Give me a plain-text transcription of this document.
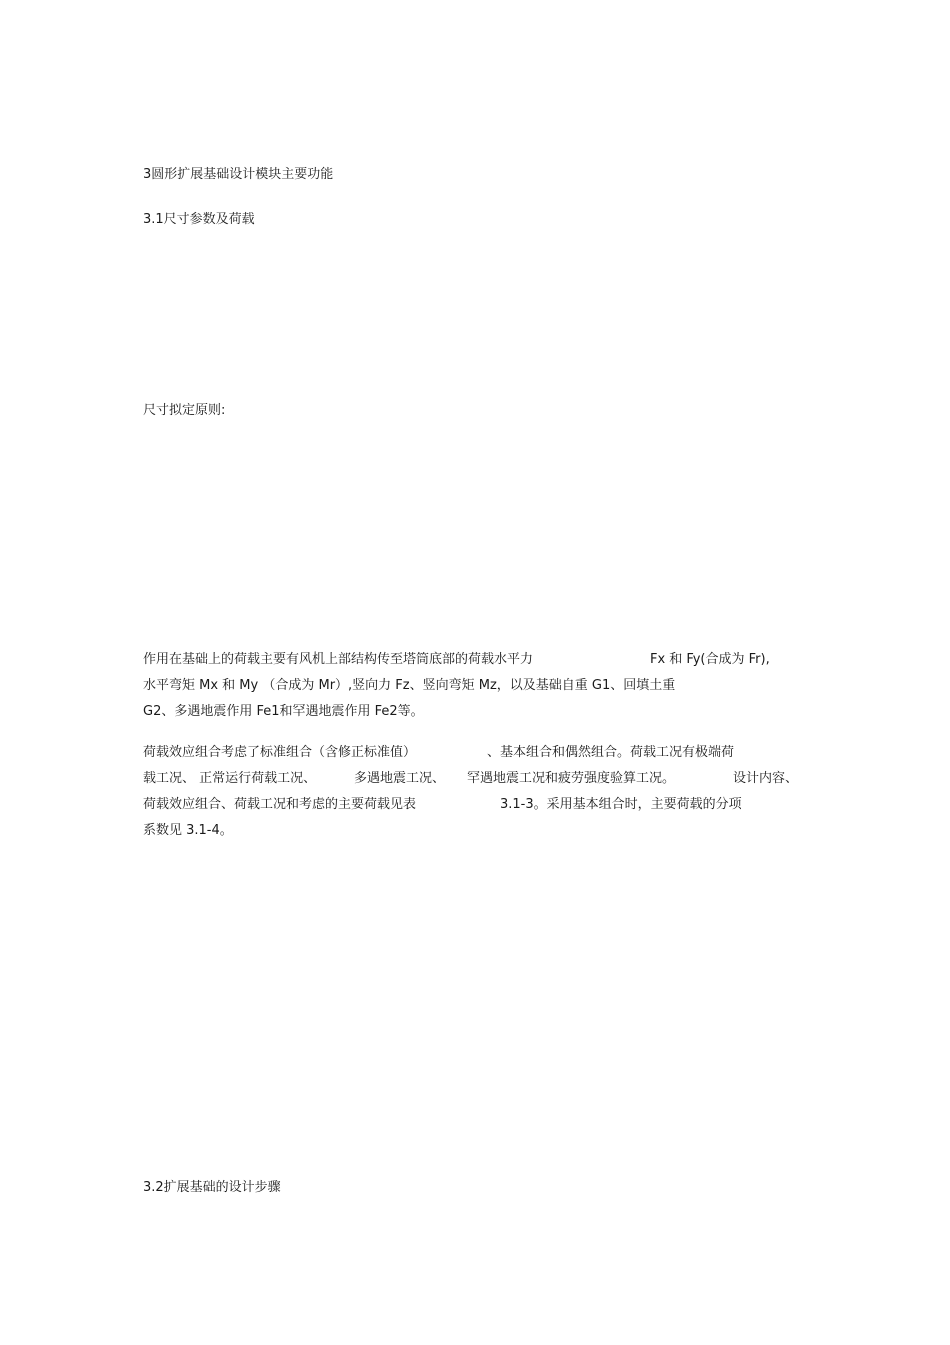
3圆形扩展基础设计模块主要功能
3.1尺寸参数及荷载
尺寸拟定原则:
作用在基础上的荷载主要有风机上部结构传至塔筒底部的荷载水平力	Fx 和 Fy(合成为 Fr),
水平弯矩 Mx 和 My （合成为 Mr）,竖向力 Fz、竖向弯矩 Mz，以及基础自重 G1、回填土重
G2、多遇地震作用 Fe1和罕遇地震作用 Fe2等。
荷载效应组合考虑了标准组合（含修正标准值）	、基本组合和偶然组合。荷载工况有极端荷
载工况、 正常运行荷载工况、	多遇地震工况、 罕遇地震工况和疲劳强度验算工况。	设计内容、
荷载效应组合、荷载工况和考虑的主要荷载见表	3.1-3。采用基本组合时，主要荷载的分项
系数见 3.1-4。
3.2扩展基础的设计步骤
